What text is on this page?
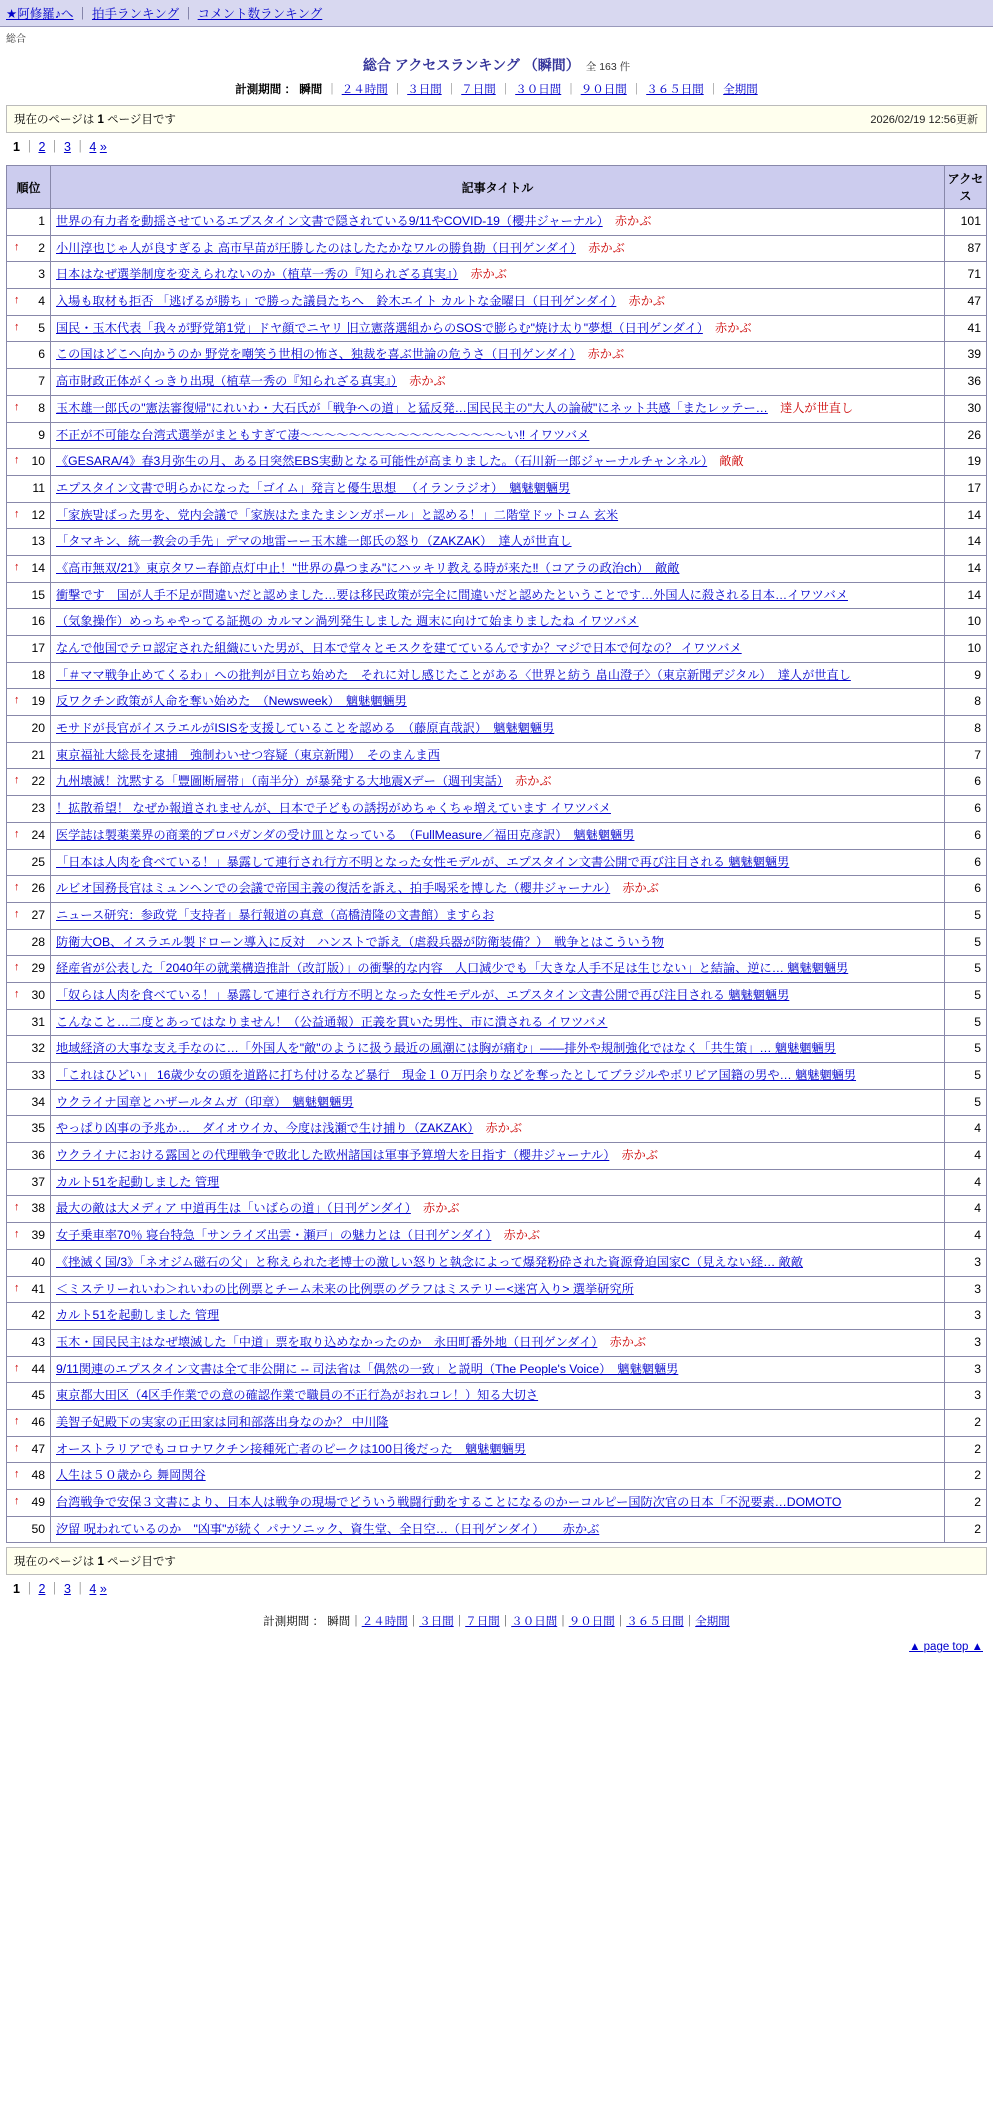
★阿修羅♪へ ｜ 拍手ランキング ｜ コメント数ランキング
総合
総合 アクセスランキング （瞬間） 全 163 件
計測期間 ： 瞬間 ｜ ２４時間 ｜ ３日間 ｜ ７日間 ｜ ３０日間 ｜ ９０日間 ｜ ３６５日間 ｜ 全期間
現在のページは 1 ページ目です	2026/02/19 12:56更新
1 ｜ 2 ｜ 3 ｜ 4 »
順位	記事タイトル	アクセス
1	世界の有力者を動揺させているエプスタイン文書で隠されている9/11やCOVID-19（櫻井ジャーナル）　 赤かぶ	101

↑ 2	小川淳也じゃ人が良すぎるよ 高市早苗が圧勝したのはしたたかなワルの勝負勘（日刊ゲンダイ）　 赤かぶ	87
3	日本はなぜ選挙制度を変えられないのか（植草一秀の『知られざる真実』）　 赤かぶ	71

↑ 4	入場も取材も拒否 「逃げるが勝ち」で勝った議員たちへ　鈴木エイト カルトな金曜日（日刊ゲンダイ）　 赤かぶ	47

↑ 5	国民・玉木代表「我々が野党第1党」ドヤ顔でニヤリ 旧立憲落選組からのSOSで膨らむ"焼け太り"夢想（日刊ゲンダイ）　 赤かぶ	41
6	この国はどこへ向かうのか 野党を嘲笑う世相の怖さ、独裁を喜ぶ世論の危うさ（日刊ゲンダイ）　 赤かぶ	39
7	高市財政正体がくっきり出現（植草一秀の『知られざる真実』）　 赤かぶ	36

↑ 8	玉木雄一郎氏の"憲法審復帰"にれいわ・大石氏が「戦争への道」と猛反発…国民民主の"大人の論破"にネット共感「またレッテー…　 達人が世直し	30
9	不正が不可能な台湾式選挙がまともすぎて凄〜〜〜〜〜〜〜〜〜〜〜〜〜〜〜〜〜い‼ イワツバメ	26

↑ 10	《GESARA/4》春3月弥生の月、ある日突然EBS実動となる可能性が高まりました。（石川新一郎ジャーナルチャンネル）　 敵敵	19
11	エプスタイン文書で明らかになった「ゴイム」発言と優生思想 　（イランラジオ）　魑魅魍魎男	17

↑ 12	「家族말ばった男を、党内会議で「家族はたまたまシンガポール」と認める！」二階堂ドットコム 玄米	14
13	「タマキン、統一教会の手先」デマの地雷ーー玉木雄一郎氏の怒り（ZAKZAK）　達人が世直し	14

↑ 14	《高市無双/21》東京タワー春節点灯中止！"世界の鼻つまみ"にハッキリ教える時が来た‼（コアラの政治ch）　敵敵	14
15	衝撃です　国が人手不足が間違いだと認めました…要は移民政策が完全に間違いだと認めたということです…外国人に殺される日本…イワツバメ	14
16	（気象操作）めっちゃやってる証拠の カルマン渦列発生しました 週末に向けて始まりましたね イワツバメ	10
17	なんで他国でテロ認定された組織にいた男が、日本で堂々とモスクを建てているんですか？マジで日本で何なの？ イワツバメ	10
18	「＃ママ戦争止めてくるわ」への批判が目立ち始めた　それに対し感じたことがある〈世界と紡う 畠山澄子〉（東京新聞デジタル）　達人が世直し	9

↑ 19	反ワクチン政策が人命を奪い始めた　（Newsweek）　魑魅魍魎男	8
20	モサドが長官がイスラエルがISISを支援していることを認める　（藤原直哉訳）　魑魅魍魎男	8
21	東京福祉大総長を逮捕　強制わいせつ容疑（東京新聞）　そのまんま西	7

↑ 22	九州壊滅！沈黙する「豐圖断層帯」（南半分）が暴発する大地震Xデー（週刊実話）　 赤かぶ	6
23	！拡散希望！ なぜか報道されませんが、日本で子どもの誘拐がめちゃくちゃ増えています イワツバメ	6

↑ 24	医学誌は製薬業界の商業的プロパガンダの受け皿となっている　（FullMeasure／福田克彦訳）　魑魅魍魎男	6
25	「日本は人肉を食べている！」暴露して連行され行方不明となった女性モデルが、エプスタイン文書公開で再び注目される 魑魅魍魎男	6

↑ 26	ルビオ国務長官はミュンヘンでの会議で帝国主義の復活を訴え、拍手喝采を博した（櫻井ジャーナル）　 赤かぶ	6

↑ 27	ニュース研究：参政党「支持者」暴行報道の真意（高橋清隆の文書館）ますらお	5
28	防衛大OB、イスラエル製ドローン導入に反対　ハンストで訴え（虐殺兵器が防衛装備？）　戦争とはこういう物	5

↑ 29	経産省が公表した「2040年の就業構造推計（改訂版）」の衝撃的な内容　人口減少でも「大きな人手不足は生じない」と結論、逆に… 魑魅魍魎男	5

↑ 30	「奴らは人肉を食べている！」暴露して連行され行方不明となった女性モデルが、エプスタイン文書公開で再び注目される 魑魅魍魎男	5
31	こんなこと…二度とあってはなりません！（公益通報）正義を貫いた男性、市に潰される イワツバメ	5
32	地域経済の大事な支え手なのに…「外国人を"敵"のように扱う最近の風潮には胸が痛む」——排外や規制強化ではなく「共生策」… 魑魅魍魎男	5
33	「これはひどい」 16歳少女の頭を道路に打ち付けるなど暴行　現金１０万円余りなどを奪ったとしてブラジルやボリビア国籍の男や… 魑魅魍魎男	5
34	ウクライナ国章とハザールタムガ（印章）　魑魅魍魎男	5
35	やっぱり凶事の予兆か…　ダイオウイカ、今度は浅瀬で生け捕り（ZAKZAK）　 赤かぶ	4
36	ウクライナにおける露国との代理戦争で敗北した欧州諸国は軍事予算増大を目指す（櫻井ジャーナル）　 赤かぶ	4
37	カルト51を起動しました 管理	4

↑ 38	最大の敵は大メディア 中道再生は「いばらの道」（日刊ゲンダイ）　 赤かぶ	4

↑ 39	女子乗車率70％ 寝台特急「サンライズ出雲・瀬戸」の魅力とは（日刊ゲンダイ）　 赤かぶ	4
40	《挫滅く国/3》「ネオジム磁石の父」と称えられた老博士の激しい怒りと執念によって爆発粉砕された資源脅迫国家C（見えない経… 敵敵	3

↑ 41	＜ミステリーれいわ＞れいわの比例票とチーム未来の比例票のグラフはミステリー<迷宮入り> 選挙研究所	3
42	カルト51を起動しました 管理	3
43	玉木・国民民主はなぜ壊滅した「中道」票を取り込めなかったのか　永田町番外地（日刊ゲンダイ）　 赤かぶ	3

↑ 44	9/11関連のエプスタイン文書は全て非公開に -- 司法省は「偶然の一致」と説明（The People's Voice）　魑魅魍魎男	3
45	東京都大田区（4区手作業での意の確認作業で職員の不正行為がおれコレ！）知る大切さ	3

↑ 46	美智子妃殿下の実家の正田家は同和部落出身なのか？ 中川隆	2

↑ 47	オーストラリアでもコロナワクチン接種死亡者のピークは100日後だった　魑魅魍魎男	2

↑ 48	人生は５０歳から 舞岡関谷	2

↑ 49	台湾戦争で安保３文書により、日本人は戦争の現場でどういう戦闘行動をすることになるのかーコルピー国防次官の日本「不況要素…DOMOTO	2
50	汐留 呪われているのか　"凶事"が続く パナソニック、資生堂、全日空…（日刊ゲンダイ）　　赤かぶ	2
現在のページは 1 ページ目です
1 ｜ 2 ｜ 3 ｜ 4 »
計測期間 ： 瞬間｜２４時間｜３日間｜７日間｜３０日間｜９０日間｜３６５日間｜全期間
▲ page top ▲
